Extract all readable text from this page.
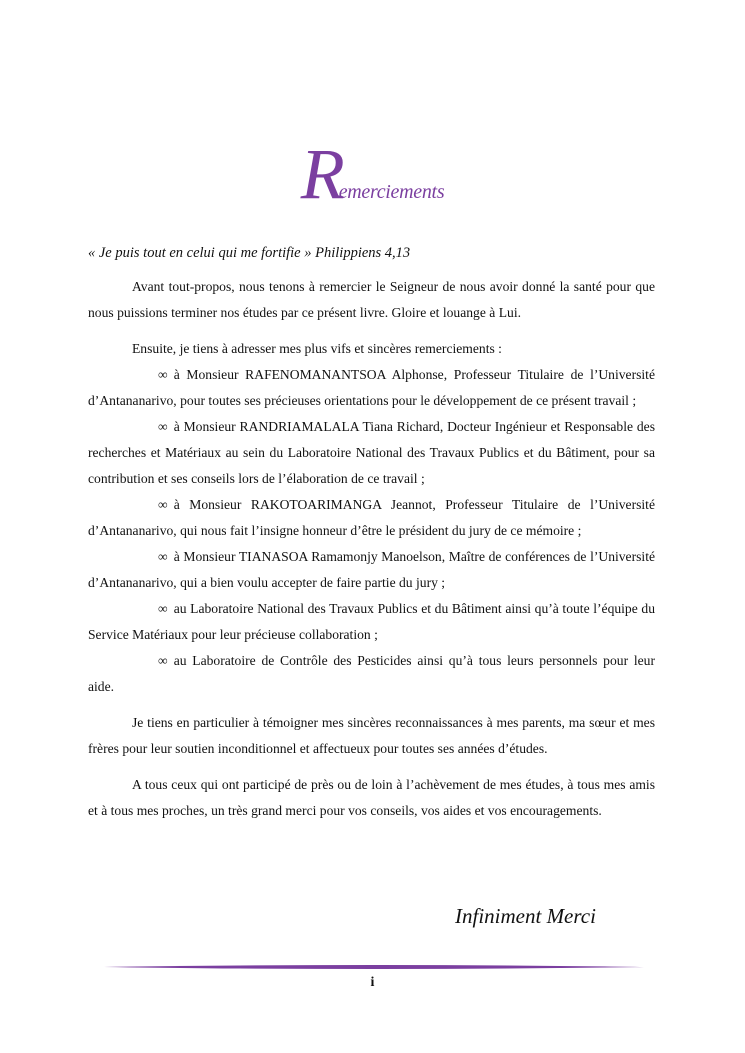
Remerciements
« Je puis tout en celui qui me fortifie » Philippiens 4,13

Avant tout-propos, nous tenons à remercier le Seigneur de nous avoir donné la santé pour que nous puissions terminer nos études par ce présent livre. Gloire et louange à Lui.

Ensuite, je tiens à adresser mes plus vifs et sincères remerciements :

∞ à Monsieur RAFENOMANANTSOA Alphonse, Professeur Titulaire de l’Université d’Antananarivo, pour toutes ses précieuses orientations pour le développement de ce présent travail ;

∞ à Monsieur RANDRIAMALALA Tiana Richard, Docteur Ingénieur et Responsable des recherches et Matériaux au sein du Laboratoire National des Travaux Publics et du Bâtiment, pour sa contribution et ses conseils lors de l’élaboration de ce travail ;

∞ à Monsieur RAKOTOARIMANGA Jeannot, Professeur Titulaire de l’Université d’Antananarivo, qui nous fait l’insigne honneur d’être le président du jury de ce mémoire ;

∞ à Monsieur TIANASOA Ramamonjy Manoelson, Maître de conférences de l’Université d’Antananarivo, qui a bien voulu accepter de faire partie du jury ;

∞ au Laboratoire National des Travaux Publics et du Bâtiment ainsi qu’à toute l’équipe du Service Matériaux pour leur précieuse collaboration ;

∞ au Laboratoire de Contrôle des Pesticides ainsi qu’à tous leurs personnels pour leur aide.

Je tiens en particulier à témoigner mes sincères reconnaissances à mes parents, ma sœur et mes frères pour leur soutien inconditionnel et affectueux pour toutes ses années d’études.

A tous ceux qui ont participé de près ou de loin à l’achèvement de mes études, à tous mes amis et à tous mes proches, un très grand merci pour vos conseils, vos aides et vos encouragements.

Infiniment Merci
i
